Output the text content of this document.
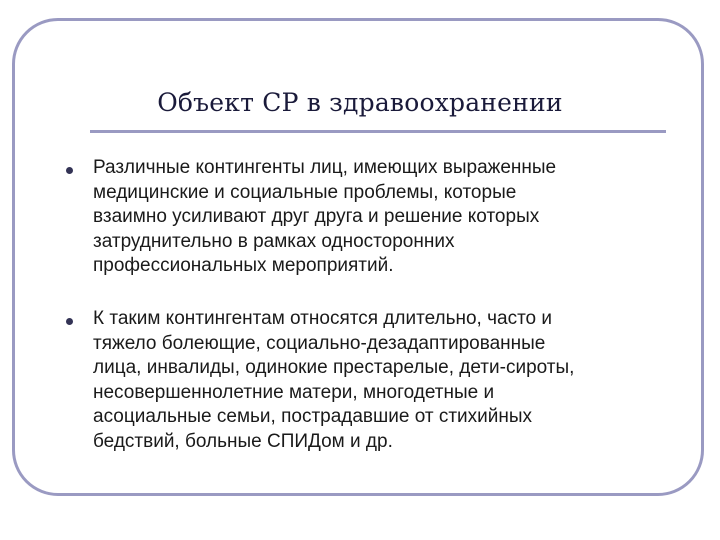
Объект СР в здравоохранении
Различные контингенты лиц, имеющих выраженные
медицинские и социальные проблемы, которые
взаимно усиливают друг друга и решение которых
затруднительно в рамках односторонних
профессиональных мероприятий.
К таким контингентам относятся длительно, часто и
тяжело болеющие, социально-дезадаптированные
лица, инвалиды, одинокие престарелые, дети-сироты,
несовершеннолетние матери, многодетные и
асоциальные семьи, пострадавшие от стихийных
бедствий, больные СПИДом и др.
